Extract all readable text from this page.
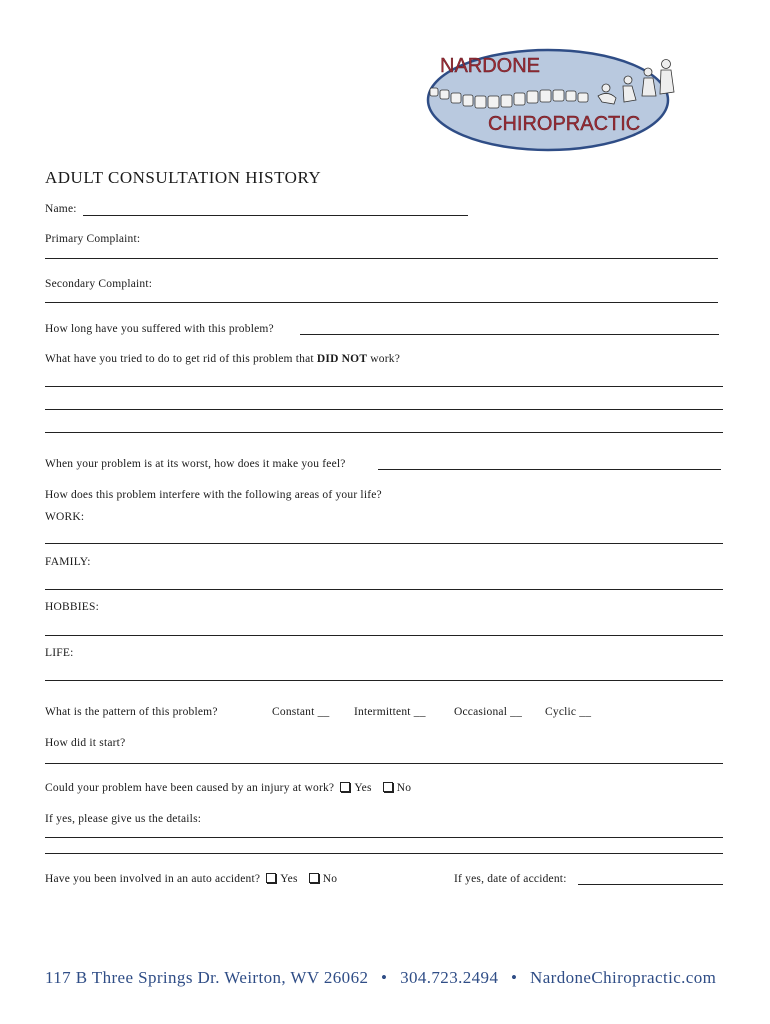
NARDONE
CHIROPRACTIC
ADULT CONSULTATION HISTORY
Name:
Primary Complaint:
Secondary Complaint:
How long have you suffered with this problem?
What have you tried to do to get rid of this problem that DID NOT work?
When your problem is at its worst, how does it make you feel?
How does this problem interfere with the following areas of your life?
WORK:
FAMILY:
HOBBIES:
LIFE:
What is the pattern of this problem?	Constant __ Intermittent __ Occasional __ Cyclic __
How did it start?
Could your problem have been caused by an injury at work? Yes No
If yes, please give us the details:
Have you been involved in an auto accident? Yes No	If yes, date of accident:
117 B Three Springs Dr. Weirton, WV 26062 • 304.723.2494 • NardoneChiropractic.com
